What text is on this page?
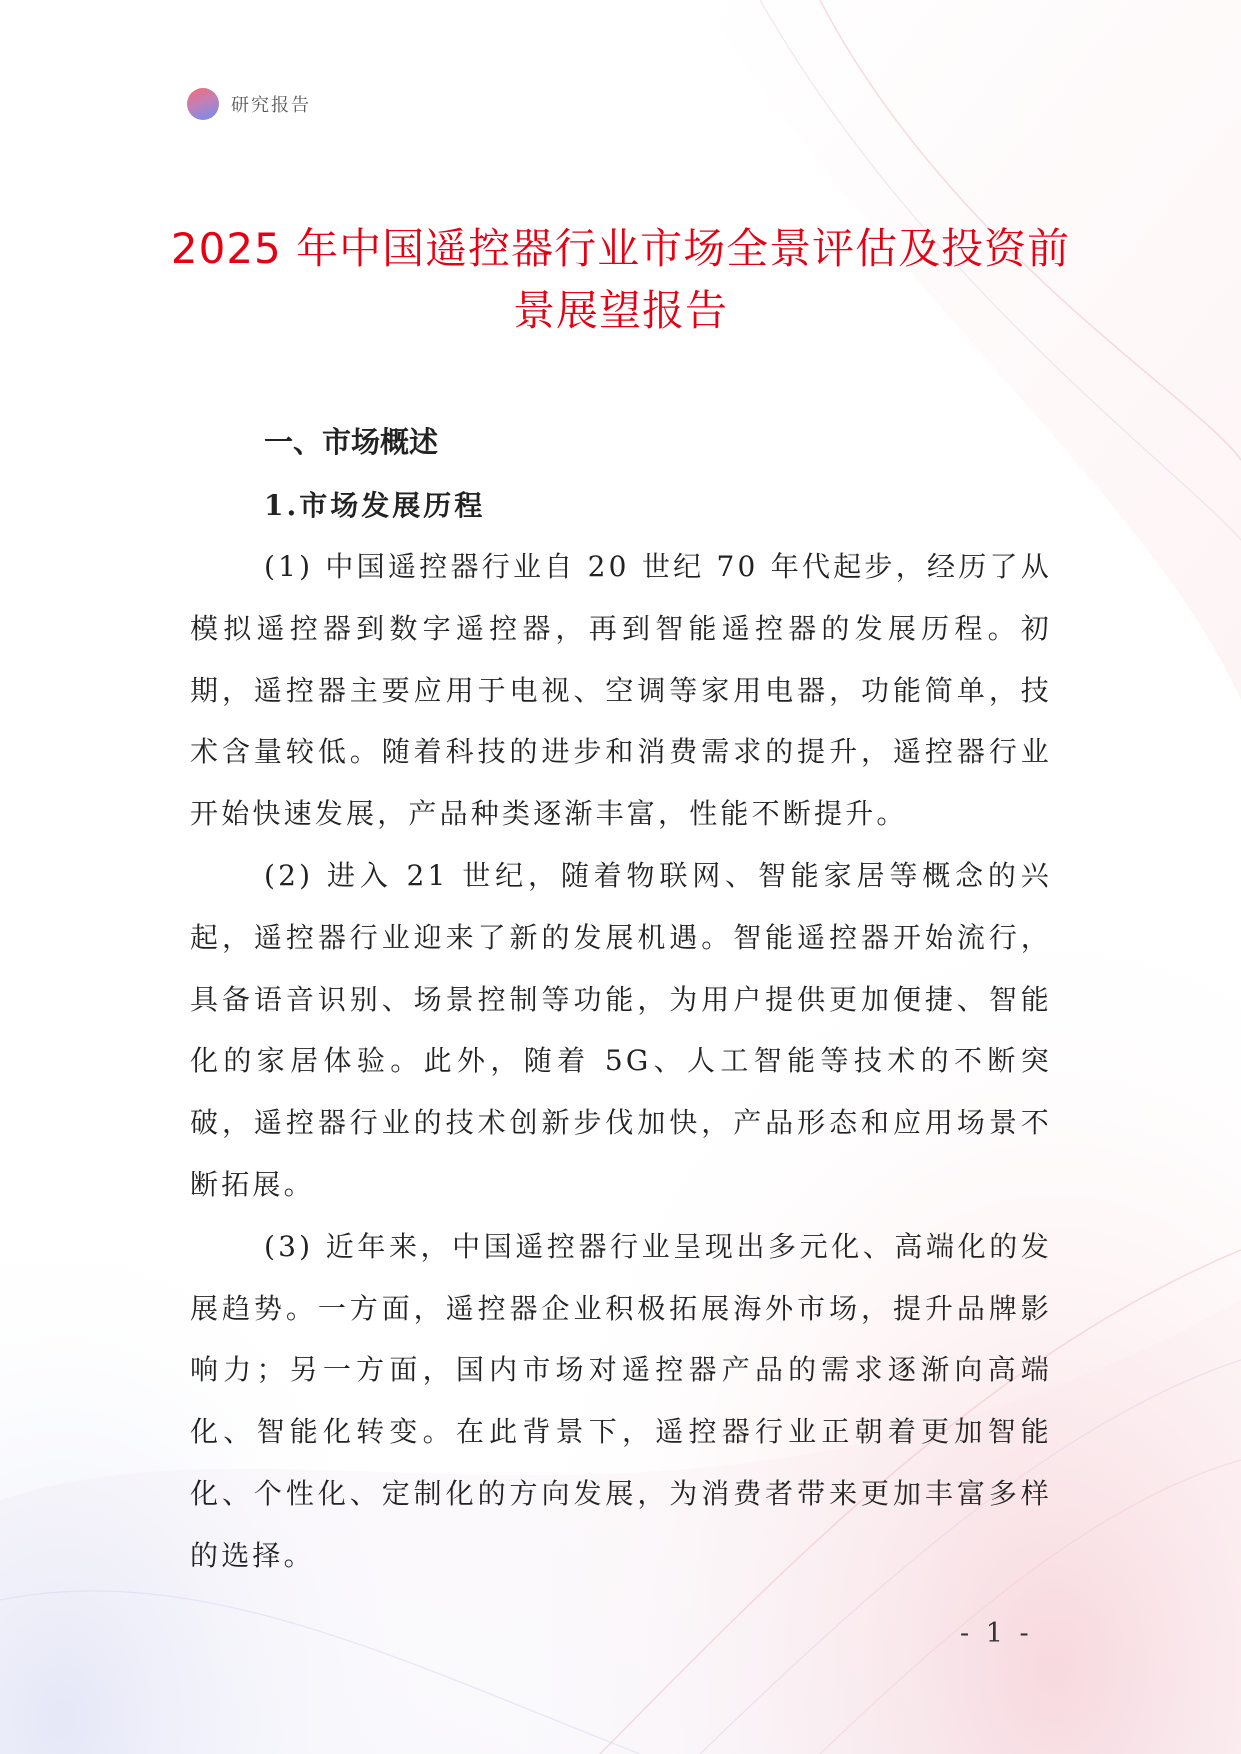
研究报告
2025 年中国遥控器行业市场全景评估及投资前景展望报告
一、市场概述
1.市场发展历程

(1) 中国遥控器行业自 20 世纪 70 年代起步，经历了从模拟遥控器到数字遥控器，再到智能遥控器的发展历程。初期，遥控器主要应用于电视、空调等家用电器，功能简单，技术含量较低。随着科技的进步和消费需求的提升，遥控器行业开始快速发展，产品种类逐渐丰富，性能不断提升。

(2) 进入 21 世纪，随着物联网、智能家居等概念的兴起，遥控器行业迎来了新的发展机遇。智能遥控器开始流行，具备语音识别、场景控制等功能，为用户提供更加便捷、智能化的家居体验。此外，随着 5G、人工智能等技术的不断突破，遥控器行业的技术创新步伐加快，产品形态和应用场景不断拓展。

(3) 近年来，中国遥控器行业呈现出多元化、高端化的发展趋势。一方面，遥控器企业积极拓展海外市场，提升品牌影响力；另一方面，国内市场对遥控器产品的需求逐渐向高端化、智能化转变。在此背景下，遥控器行业正朝着更加智能化、个性化、定制化的方向发展，为消费者带来更加丰富多样的选择。

- 1 -
